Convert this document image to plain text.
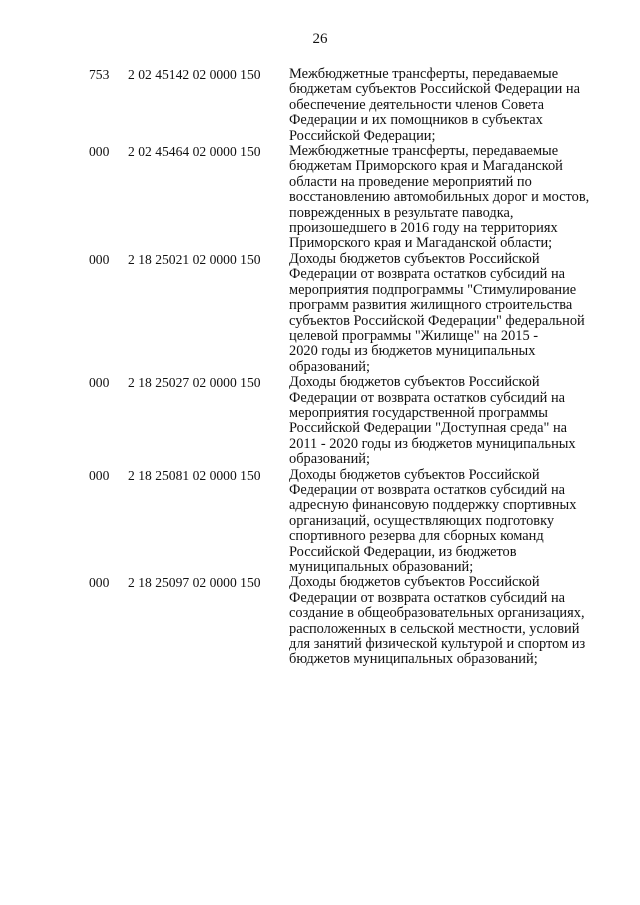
26
753 2 02 45142 02 0000 150 Межбюджетные трансферты, передаваемые
бюджетам субъектов Российской Федерации на
обеспечение деятельности членов Совета
Федерации и их помощников в субъектах
Российской Федерации;
000 2 02 45464 02 0000 150 Межбюджетные трансферты, передаваемые
бюджетам Приморского края и Магаданской
области на проведение мероприятий по
восстановлению автомобильных дорог и мостов,
поврежденных в результате паводка,
произошедшего в 2016 году на территориях
Приморского края и Магаданской области;
000 2 18 25021 02 0000 150 Доходы бюджетов субъектов Российской
Федерации от возврата остатков субсидий на
мероприятия подпрограммы "Стимулирование
программ развития жилищного строительства
субъектов Российской Федерации" федеральной
целевой программы "Жилище" на 2015 -
2020 годы из бюджетов муниципальных
образований;
000 2 18 25027 02 0000 150 Доходы бюджетов субъектов Российской
Федерации от возврата остатков субсидий на
мероприятия государственной программы
Российской Федерации "Доступная среда" на
2011 - 2020 годы из бюджетов муниципальных
образований;
000 2 18 25081 02 0000 150 Доходы бюджетов субъектов Российской
Федерации от возврата остатков субсидий на
адресную финансовую поддержку спортивных
организаций, осуществляющих подготовку
спортивного резерва для сборных команд
Российской Федерации, из бюджетов
муниципальных образований;
000 2 18 25097 02 0000 150 Доходы бюджетов субъектов Российской
Федерации от возврата остатков субсидий на
создание в общеобразовательных организациях,
расположенных в сельской местности, условий
для занятий физической культурой и спортом из
бюджетов муниципальных образований;
